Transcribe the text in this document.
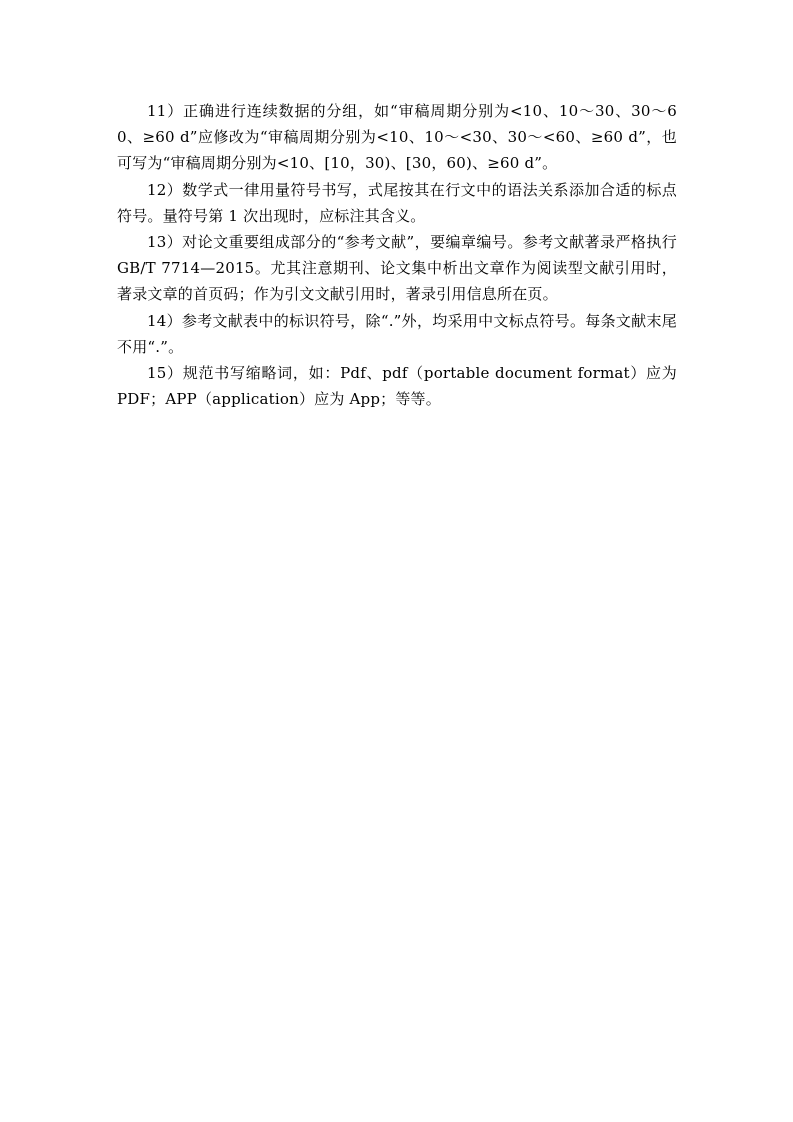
11）正确进行连续数据的分组，如“审稿周期分别为<10、10～30、30～60、≥60 d”应修改为“审稿周期分别为<10、10～<30、30～<60、≥60 d”，也可写为“审稿周期分别为<10、[10，30)、[30，60)、≥60 d”。

12）数学式一律用量符号书写，式尾按其在行文中的语法关系添加合适的标点符号。量符号第 1 次出现时，应标注其含义。

13）对论文重要组成部分的“参考文献”，要编章编号。参考文献著录严格执行 GB/T 7714—2015。尤其注意期刊、论文集中析出文章作为阅读型文献引用时，著录文章的首页码；作为引文文献引用时，著录引用信息所在页。

14）参考文献表中的标识符号，除“.”外，均采用中文标点符号。每条文献末尾不用“.”。

15）规范书写缩略词，如：Pdf、pdf（portable document format）应为 PDF；APP（application）应为 App；等等。
